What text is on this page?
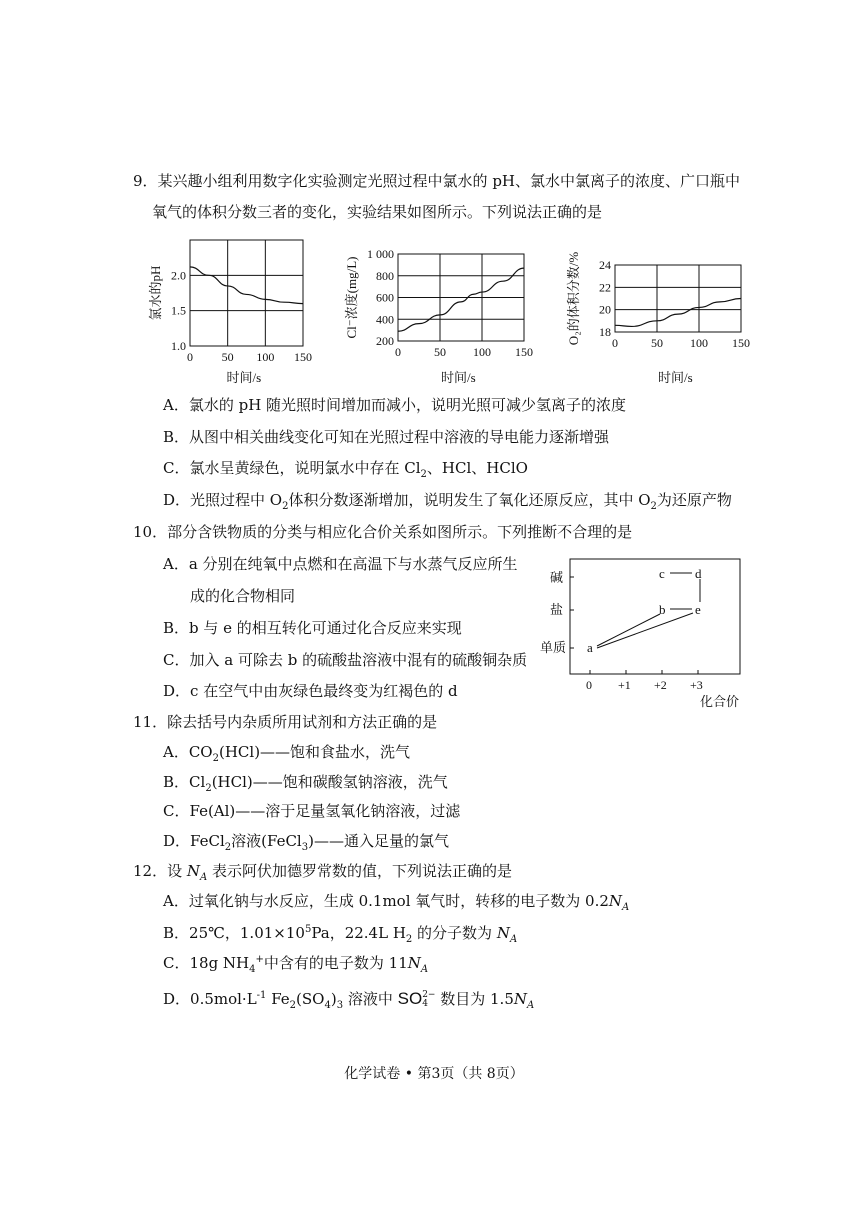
9．某兴趣小组利用数字化实验测定光照过程中氯水的 pH、氯水中氯离子的浓度、广口瓶中
氧气的体积分数三者的变化，实验结果如图所示。下列说法正确的是
0 50 100 150
1.0
1.5
2.0
时间/s
氯水的pH
0	50 100 150
200
400
600
800
1 000
时间/s
Cl⁻浓度(mg/L)
0	50 100 150
18
20
22
24
时间/s
O₂的体积分数/%
A．氯水的 pH 随光照时间增加而减小，说明光照可减少氢离子的浓度
B．从图中相关曲线变化可知在光照过程中溶液的导电能力逐渐增强
C．氯水呈黄绿色，说明氯水中存在 $Cl_2$、HCl、HClO
D．光照过程中 $O_2$体积分数逐渐增加，说明发生了氧化还原反应，其中 $O_2$为还原产物
10．部分含铁物质的分类与相应化合价关系如图所示。下列推断不合理的是
A．a 分别在纯氧中点燃和在高温下与水蒸气反应所生
成的化合物相同
B．b 与 e 的相互转化可通过化合反应来实现
C．加入 a 可除去 b 的硫酸盐溶液中混有的硫酸铜杂质
D．c 在空气中由灰绿色最终变为红褐色的 d
碱
盐
单质
0 +1 +2 +3
化合价
a
b
c d
e
11．除去括号内杂质所用试剂和方法正确的是
A．$CO_2(HCl)——$饱和食盐水，洗气
B．$Cl_2(HCl)——$饱和碳酸氢钠溶液，洗气
C．Fe(Al)——溶于足量氢氧化钠溶液，过滤
D．FeCl$_2$溶液(FeCl$_3$)——通入足量的氯气
12．设 $N_A$ 表示阿伏加德罗常数的值，下列说法正确的是
A．过氧化钠与水反应，生成 0.1mol 氧气时，转移的电子数为 $0.2N_A$
B．25℃，$1.01\times 10^5Pa$，22.4L $H_2$ 的分子数为 $N_A$
C．18g $NH_4^+$中含有的电子数为 $11N_A$
D．$0.5mol\cdot L^{-1}$ $Fe_2(SO_4)_3$ 溶液中 SO 2−
4 数目为 $1.5N_A$
化学试卷 • 第3页（共 8页）
